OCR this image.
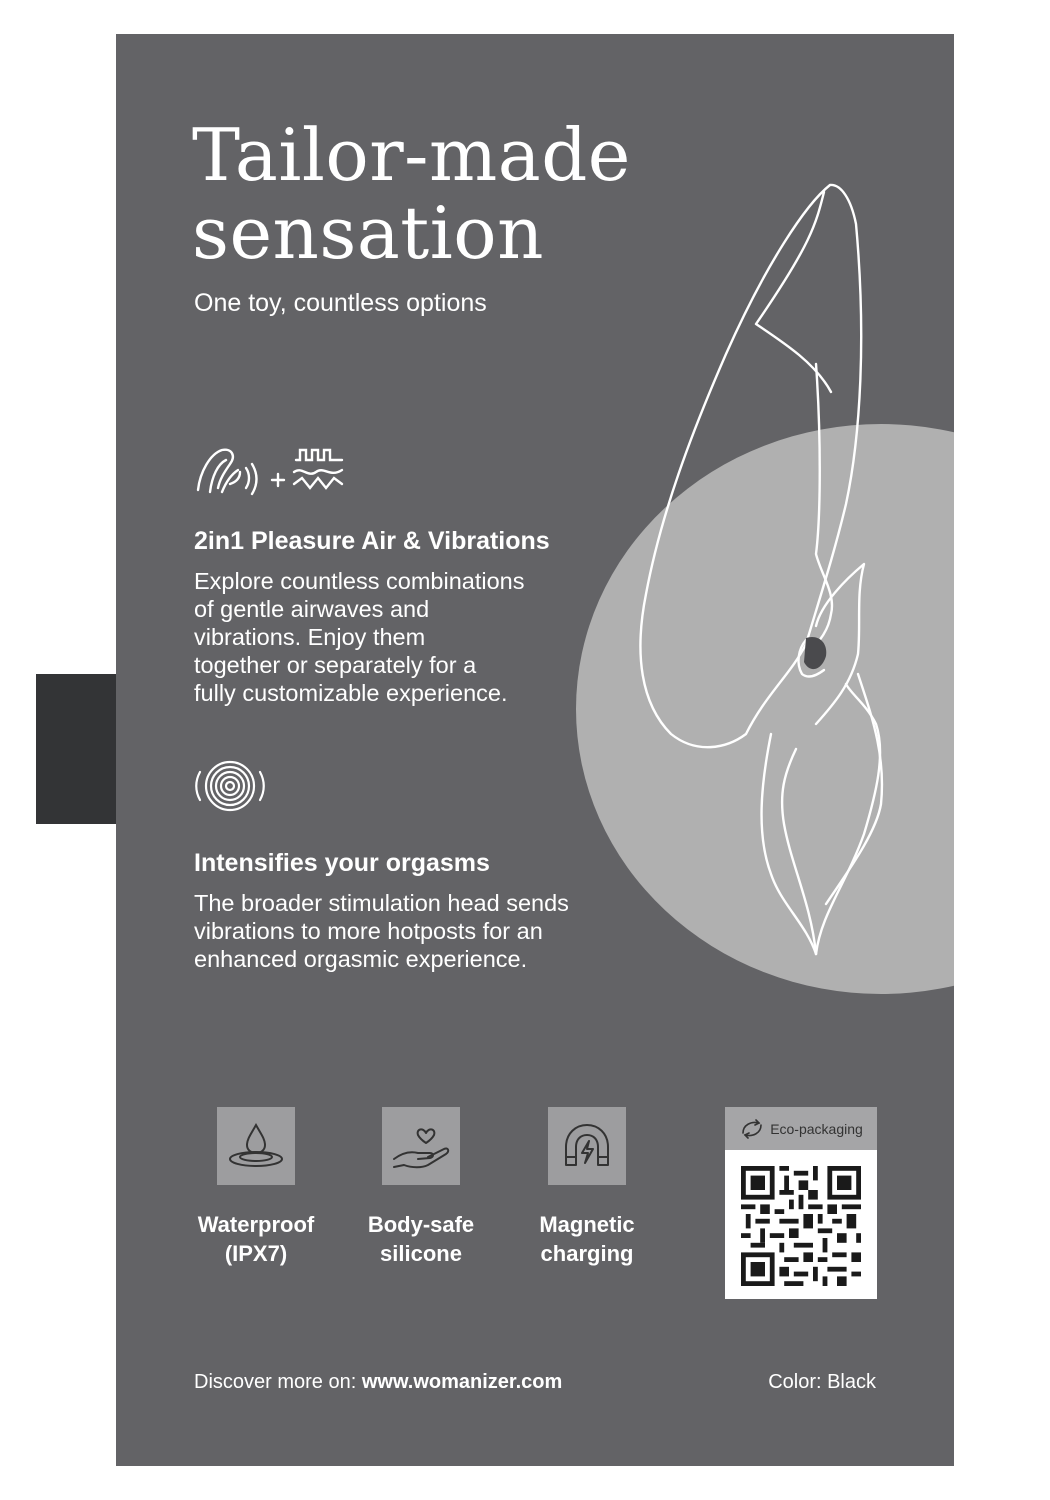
Tailor-made
sensation
One toy, countless options
2in1 Pleasure Air & Vibrations
Explore countless combinations
of gentle airwaves and
vibrations. Enjoy them
together or separately for a
fully customizable experience.
Intensifies your orgasms
The broader stimulation head sends
vibrations to more hotposts for an
enhanced orgasmic experience.
Waterproof
(IPX7)
Body-safe
silicone
Magnetic
charging
Eco-packaging
Discover more on: www.womanizer.com	Color: Black
